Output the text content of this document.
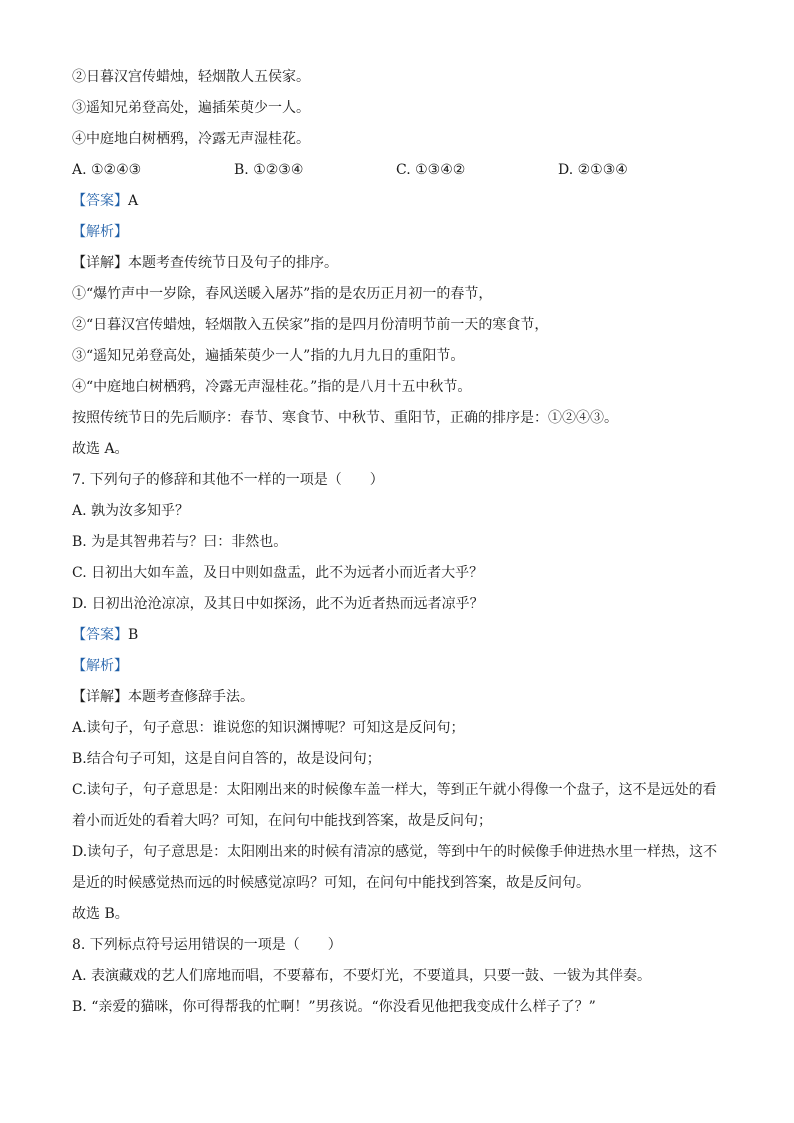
②日暮汉宫传蜡烛，轻烟散人五侯家。

③遥知兄弟登高处，遍插茱萸少一人。

④中庭地白树栖鸦，冷露无声湿桂花。

A. ①②④③	B. ①②③④	C. ①③④②	D. ②①③④

【答案】A

【解析】

【详解】本题考查传统节日及句子的排序。

①“爆竹声中一岁除，春风送暖入屠苏”指的是农历正月初一的春节，

②“日暮汉宫传蜡烛，轻烟散入五侯家”指的是四月份清明节前一天的寒食节，

③“遥知兄弟登高处，遍插茱萸少一人”指的九月九日的重阳节。

④“中庭地白树栖鸦，冷露无声湿桂花。”指的是八月十五中秋节。

按照传统节日的先后顺序：春节、寒食节、中秋节、重阳节，正确的排序是：①②④③。

故选 A。

7. 下列句子的修辞和其他不一样的一项是（　　）

A. 孰为汝多知乎？

B. 为是其智弗若与？曰：非然也。

C. 日初出大如车盖，及日中则如盘盂，此不为远者小而近者大乎？

D. 日初出沧沧凉凉，及其日中如探汤，此不为近者热而远者凉乎？

【答案】B

【解析】

【详解】本题考查修辞手法。

A.读句子，句子意思：谁说您的知识渊博呢？可知这是反问句；

B.结合句子可知，这是自问自答的，故是设问句；

C.读句子，句子意思是：太阳刚出来的时候像车盖一样大，等到正午就小得像一个盘子，这不是远处的看

着小而近处的看着大吗？可知，在问句中能找到答案，故是反问句；

D.读句子，句子意思是：太阳刚出来的时候有清凉的感觉，等到中午的时候像手伸进热水里一样热，这不

是近的时候感觉热而远的时候感觉凉吗？可知，在问句中能找到答案，故是反问句。

故选 B。

8. 下列标点符号运用错误的一项是（　　）

A. 表演藏戏的艺人们席地而唱，不要幕布，不要灯光，不要道具，只要一鼓、一钹为其伴奏。

B. “亲爱的猫咪，你可得帮我的忙啊！”男孩说。“你没看见他把我变成什么样子了？”
